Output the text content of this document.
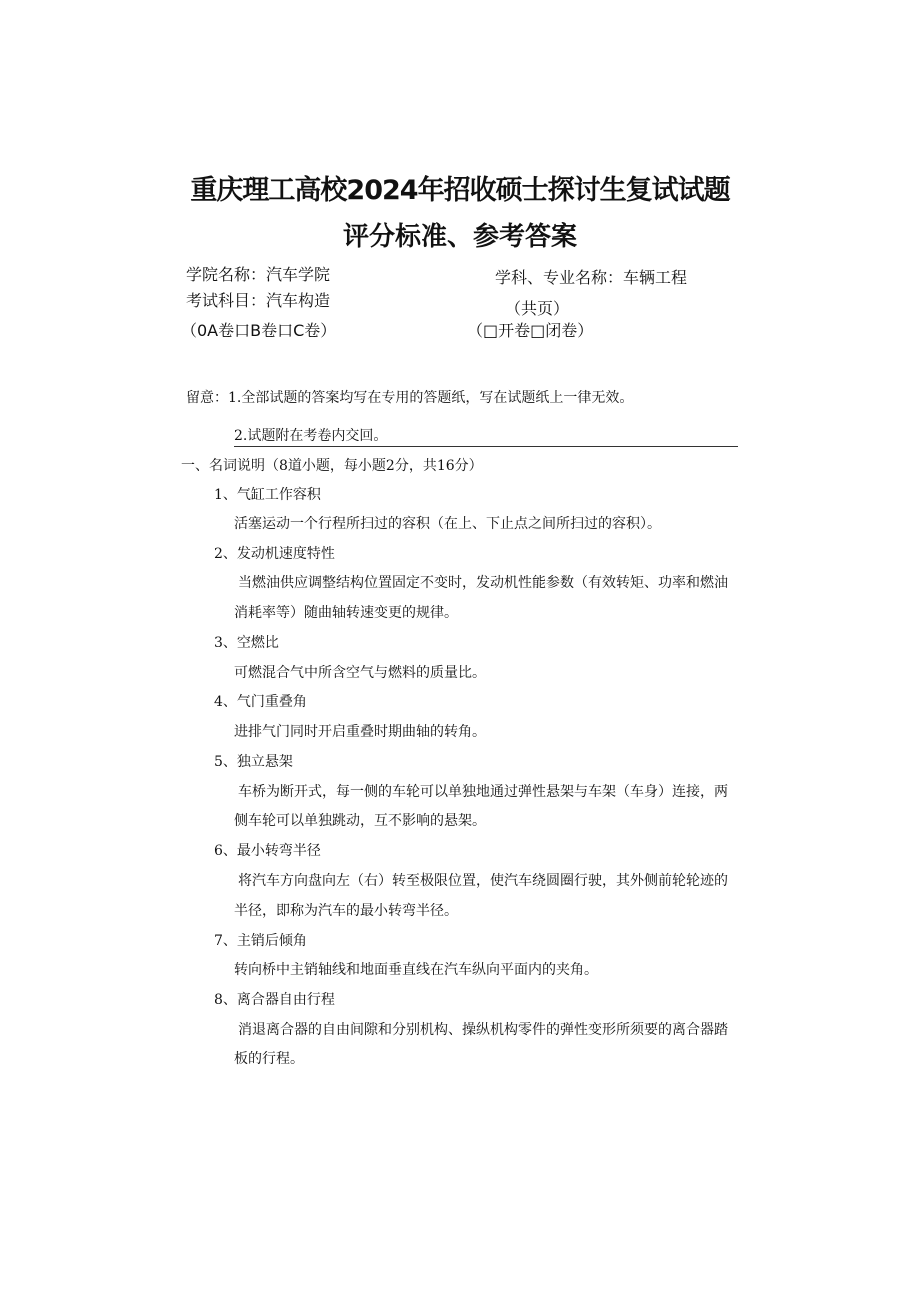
重庆理工高校2024年招收硕士探讨生复试试题
评分标准、参考答案
学院名称：汽车学院
考试科目：汽车构造
（0A卷口B卷口C卷）
学科、专业名称：车辆工程
（共页）
（□开卷□闭卷）
留意：1.全部试题的答案均写在专用的答题纸，写在试题纸上一律无效。
2.试题附在考卷内交回。
一、名词说明（8道小题，每小题2分，共16分）
1、气缸工作容积
活塞运动一个行程所扫过的容积（在上、下止点之间所扫过的容积）。
2、发动机速度特性
当燃油供应调整结构位置固定不变时，发动机性能参数（有效转矩、功率和燃油
消耗率等）随曲轴转速变更的规律。
3、空燃比
可燃混合气中所含空气与燃料的质量比。
4、气门重叠角
进排气门同时开启重叠时期曲轴的转角。
5、独立悬架
车桥为断开式，每一侧的车轮可以单独地通过弹性悬架与车架（车身）连接，两
侧车轮可以单独跳动，互不影响的悬架。
6、最小转弯半径
将汽车方向盘向左（右）转至极限位置，使汽车绕圆圈行驶，其外侧前轮轮迹的
半径，即称为汽车的最小转弯半径。
7、主销后倾角
转向桥中主销轴线和地面垂直线在汽车纵向平面内的夹角。
8、离合器自由行程
消退离合器的自由间隙和分别机构、操纵机构零件的弹性变形所须要的离合器踏
板的行程。
